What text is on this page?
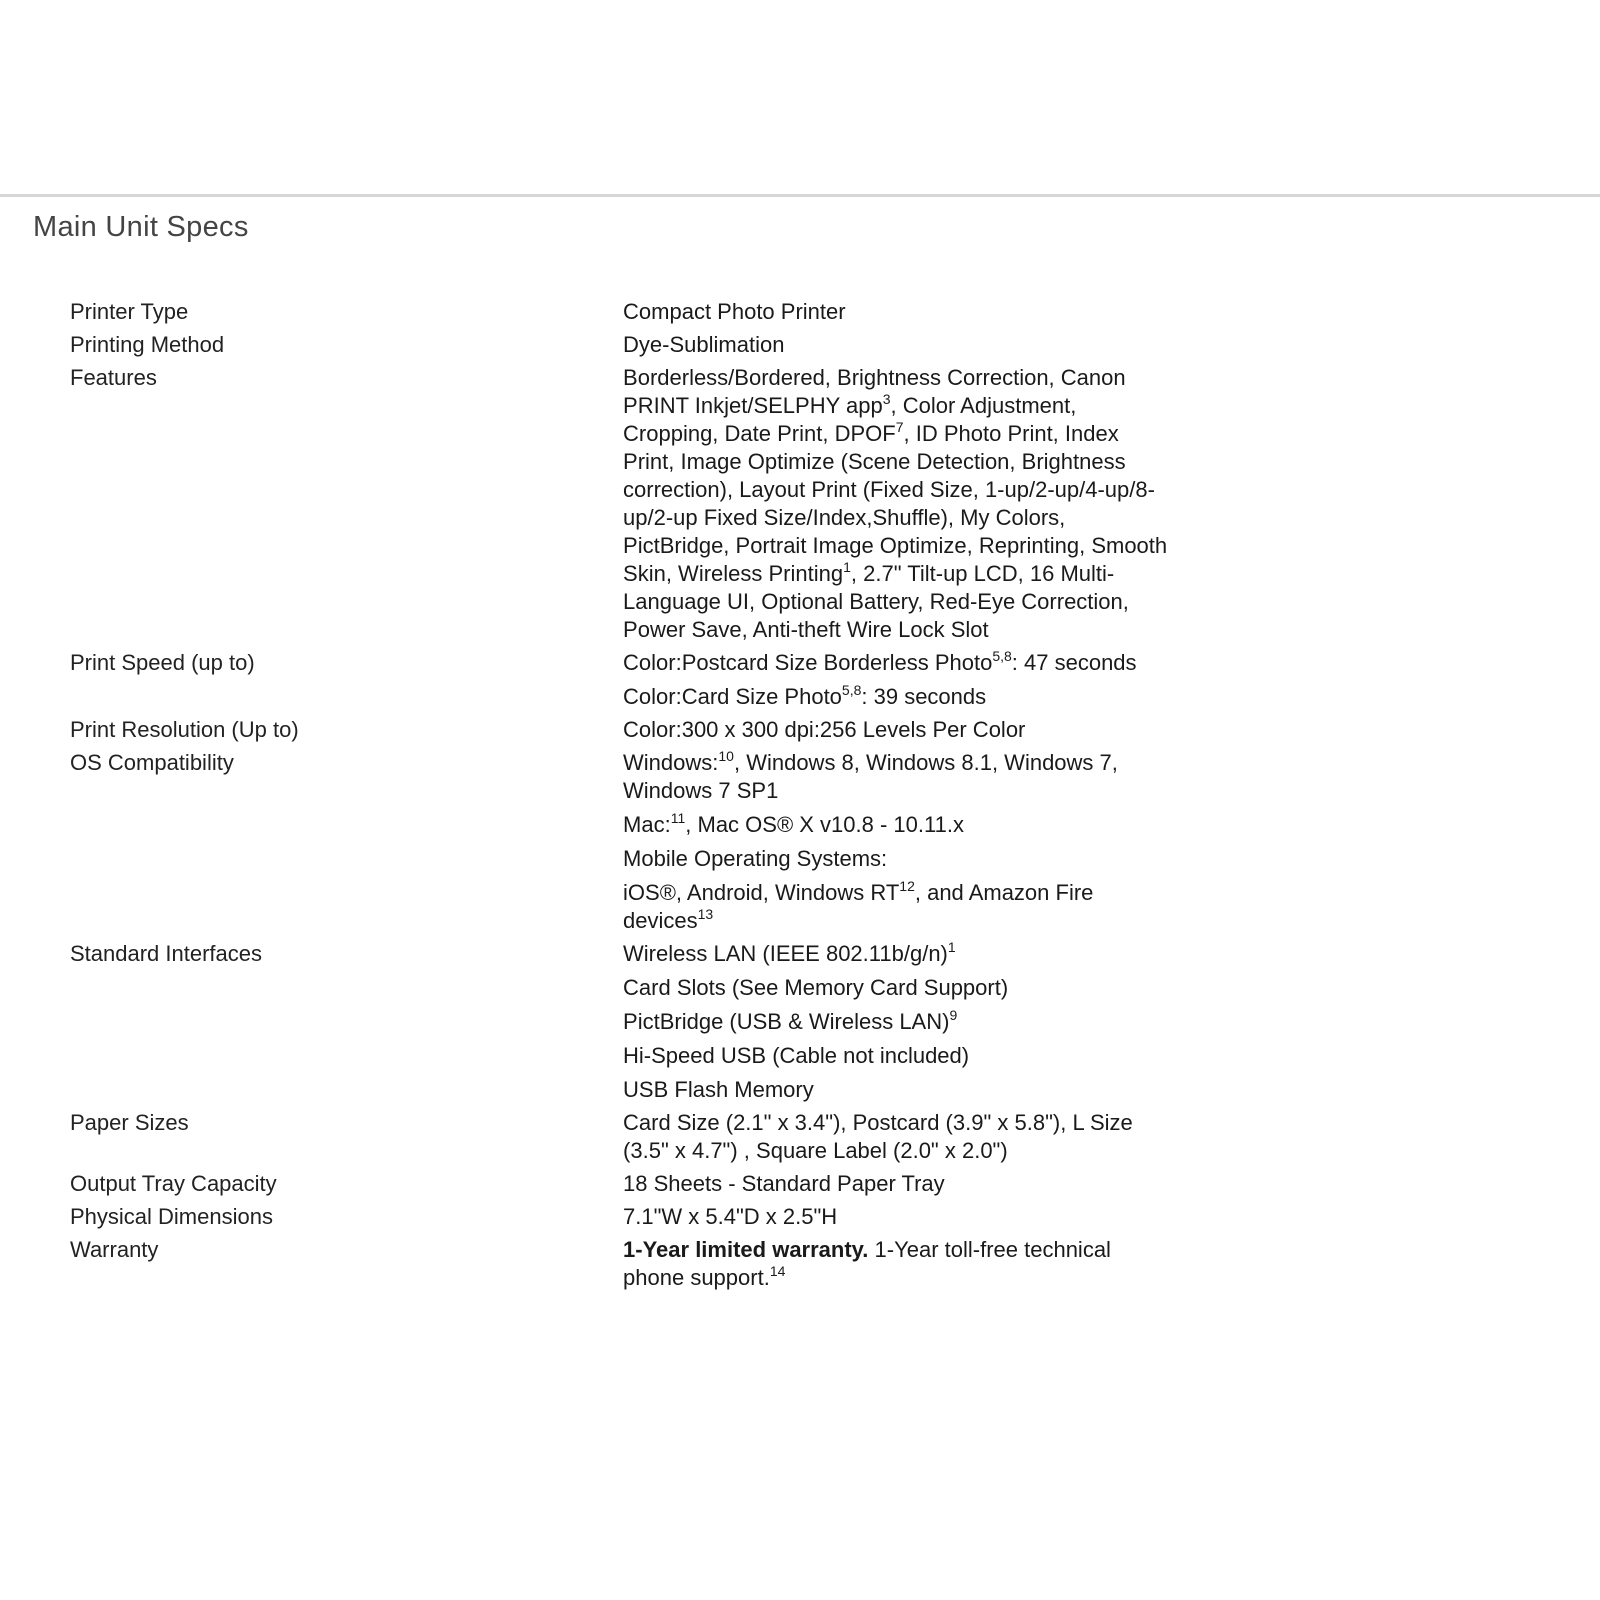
Main Unit Specs
Printer Type	Compact Photo Printer

Printing Method	Dye-Sublimation

Features	Borderless/Bordered, Brightness Correction, Canon PRINT Inkjet/SELPHY app$^3$, Color Adjustment, Cropping, Date Print, DPOF$^7$, ID Photo Print, Index Print, Image Optimize (Scene Detection, Brightness correction), Layout Print (Fixed Size, 1-up/2-up/4-up/8-up/2-up Fixed Size/Index,Shuffle), My Colors, PictBridge, Portrait Image Optimize, Reprinting, Smooth Skin, Wireless Printing$^1$, 2.7" Tilt-up LCD, 16 Multi-Language UI, Optional Battery, Red-Eye Correction, Power Save, Anti-theft Wire Lock Slot

Print Speed (up to)	Color:Postcard Size Borderless Photo$^{5,8}$: 47 seconds
Color:Card Size Photo$^{5,8}$: 39 seconds

Print Resolution (Up to)	Color:300 x 300 dpi:256 Levels Per Color

OS Compatibility	Windows:$^{10}$, Windows 8, Windows 8.1, Windows 7, Windows 7 SP1
Mac:$^{11}$, Mac OS® X v10.8 - 10.11.x
Mobile Operating Systems:
iOS®, Android, Windows RT$^{12}$, and Amazon Fire devices$^{13}$

Standard Interfaces	Wireless LAN (IEEE 802.11b/g/n)$^1$
Card Slots (See Memory Card Support)
PictBridge (USB & Wireless LAN)$^9$
Hi-Speed USB (Cable not included)
USB Flash Memory

Paper Sizes	Card Size (2.1" x 3.4"), Postcard (3.9" x 5.8"), L Size (3.5" x 4.7") , Square Label (2.0" x 2.0")

Output Tray Capacity	18 Sheets - Standard Paper Tray

Physical Dimensions	7.1"W x 5.4"D x 2.5"H

Warranty	1-Year limited warranty. 1-Year toll-free technical phone support.$^{14}$
